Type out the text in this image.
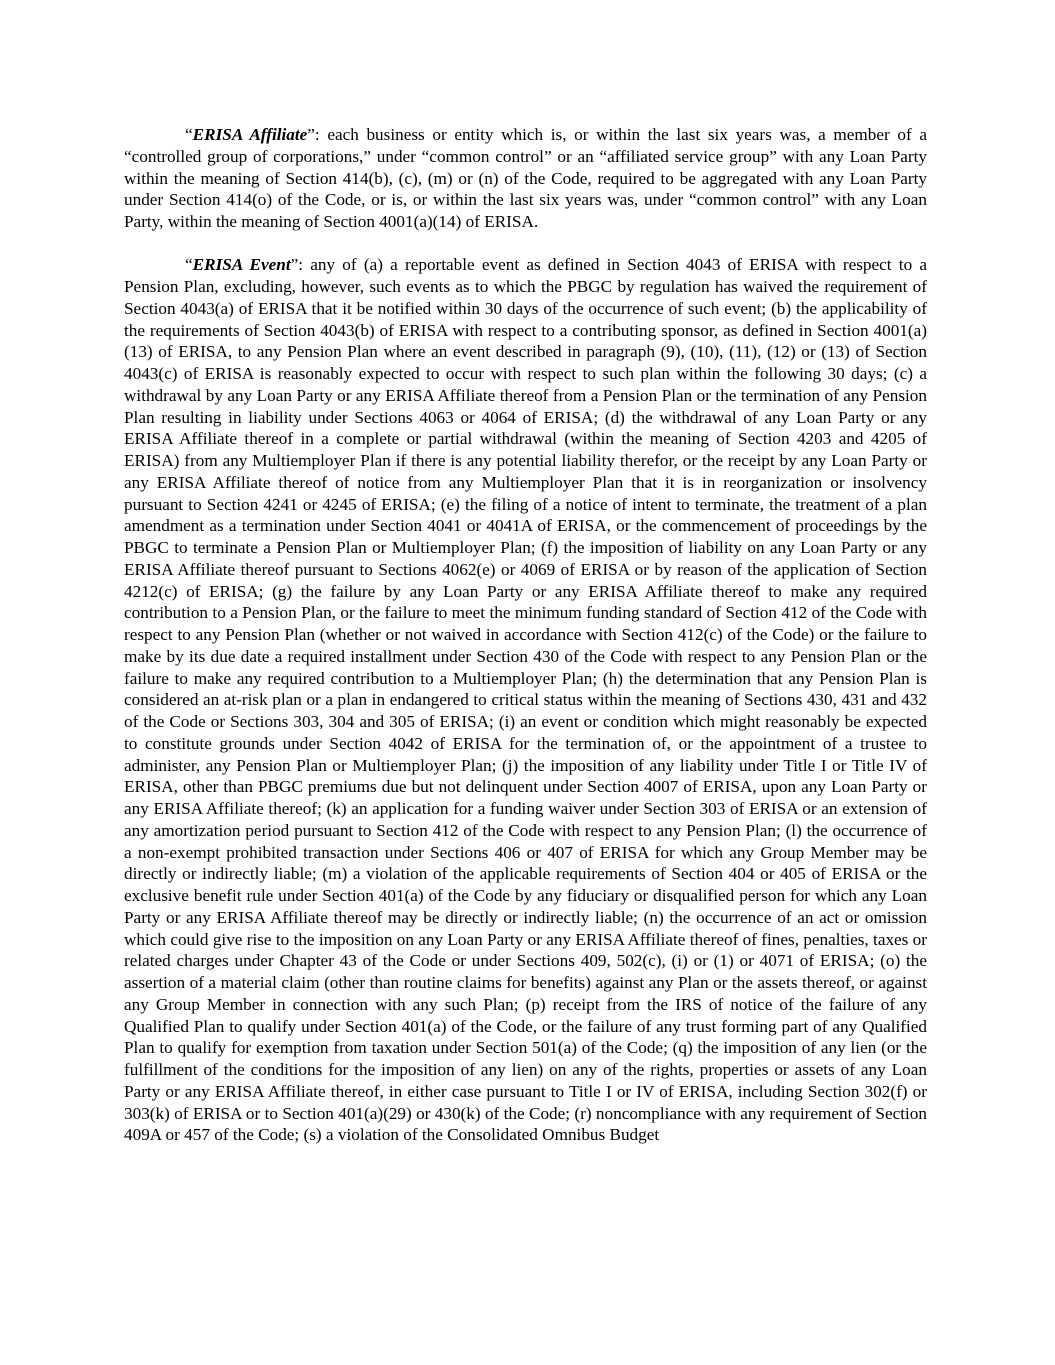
“ERISA Affiliate”: each business or entity which is, or within the last six years was, a member of a “controlled group of corporations,” under “common control” or an “affiliated service group” with any Loan Party within the meaning of Section 414(b), (c), (m) or (n) of the Code, required to be aggregated with any Loan Party under Section 414(o) of the Code, or is, or within the last six years was, under “common control” with any Loan Party, within the meaning of Section 4001(a)(14) of ERISA.

“ERISA Event”: any of (a) a reportable event as defined in Section 4043 of ERISA with respect to a Pension Plan, excluding, however, such events as to which the PBGC by regulation has waived the requirement of Section 4043(a) of ERISA that it be notified within 30 days of the occurrence of such event; (b) the applicability of the requirements of Section 4043(b) of ERISA with respect to a contributing sponsor, as defined in Section 4001(a)(13) of ERISA, to any Pension Plan where an event described in paragraph (9), (10), (11), (12) or (13) of Section 4043(c) of ERISA is reasonably expected to occur with respect to such plan within the following 30 days; (c) a withdrawal by any Loan Party or any ERISA Affiliate thereof from a Pension Plan or the termination of any Pension Plan resulting in liability under Sections 4063 or 4064 of ERISA; (d) the withdrawal of any Loan Party or any ERISA Affiliate thereof in a complete or partial withdrawal (within the meaning of Section 4203 and 4205 of ERISA) from any Multiemployer Plan if there is any potential liability therefor, or the receipt by any Loan Party or any ERISA Affiliate thereof of notice from any Multiemployer Plan that it is in reorganization or insolvency pursuant to Section 4241 or 4245 of ERISA; (e) the filing of a notice of intent to terminate, the treatment of a plan amendment as a termination under Section 4041 or 4041A of ERISA, or the commencement of proceedings by the PBGC to terminate a Pension Plan or Multiemployer Plan; (f) the imposition of liability on any Loan Party or any ERISA Affiliate thereof pursuant to Sections 4062(e) or 4069 of ERISA or by reason of the application of Section 4212(c) of ERISA; (g) the failure by any Loan Party or any ERISA Affiliate thereof to make any required contribution to a Pension Plan, or the failure to meet the minimum funding standard of Section 412 of the Code with respect to any Pension Plan (whether or not waived in accordance with Section 412(c) of the Code) or the failure to make by its due date a required installment under Section 430 of the Code with respect to any Pension Plan or the failure to make any required contribution to a Multiemployer Plan; (h) the determination that any Pension Plan is considered an at-risk plan or a plan in endangered to critical status within the meaning of Sections 430, 431 and 432 of the Code or Sections 303, 304 and 305 of ERISA; (i) an event or condition which might reasonably be expected to constitute grounds under Section 4042 of ERISA for the termination of, or the appointment of a trustee to administer, any Pension Plan or Multiemployer Plan; (j) the imposition of any liability under Title I or Title IV of ERISA, other than PBGC premiums due but not delinquent under Section 4007 of ERISA, upon any Loan Party or any ERISA Affiliate thereof; (k) an application for a funding waiver under Section 303 of ERISA or an extension of any amortization period pursuant to Section 412 of the Code with respect to any Pension Plan; (l) the occurrence of a non-exempt prohibited transaction under Sections 406 or 407 of ERISA for which any Group Member may be directly or indirectly liable; (m) a violation of the applicable requirements of Section 404 or 405 of ERISA or the exclusive benefit rule under Section 401(a) of the Code by any fiduciary or disqualified person for which any Loan Party or any ERISA Affiliate thereof may be directly or indirectly liable; (n) the occurrence of an act or omission which could give rise to the imposition on any Loan Party or any ERISA Affiliate thereof of fines, penalties, taxes or related charges under Chapter 43 of the Code or under Sections 409, 502(c), (i) or (1) or 4071 of ERISA; (o) the assertion of a material claim (other than routine claims for benefits) against any Plan or the assets thereof, or against any Group Member in connection with any such Plan; (p) receipt from the IRS of notice of the failure of any Qualified Plan to qualify under Section 401(a) of the Code, or the failure of any trust forming part of any Qualified Plan to qualify for exemption from taxation under Section 501(a) of the Code; (q) the imposition of any lien (or the fulfillment of the conditions for the imposition of any lien) on any of the rights, properties or assets of any Loan Party or any ERISA Affiliate thereof, in either case pursuant to Title I or IV of ERISA, including Section 302(f) or 303(k) of ERISA or to Section 401(a)(29) or 430(k) of the Code; (r) noncompliance with any requirement of Section 409A or 457 of the Code; (s) a violation of the Consolidated Omnibus Budget
